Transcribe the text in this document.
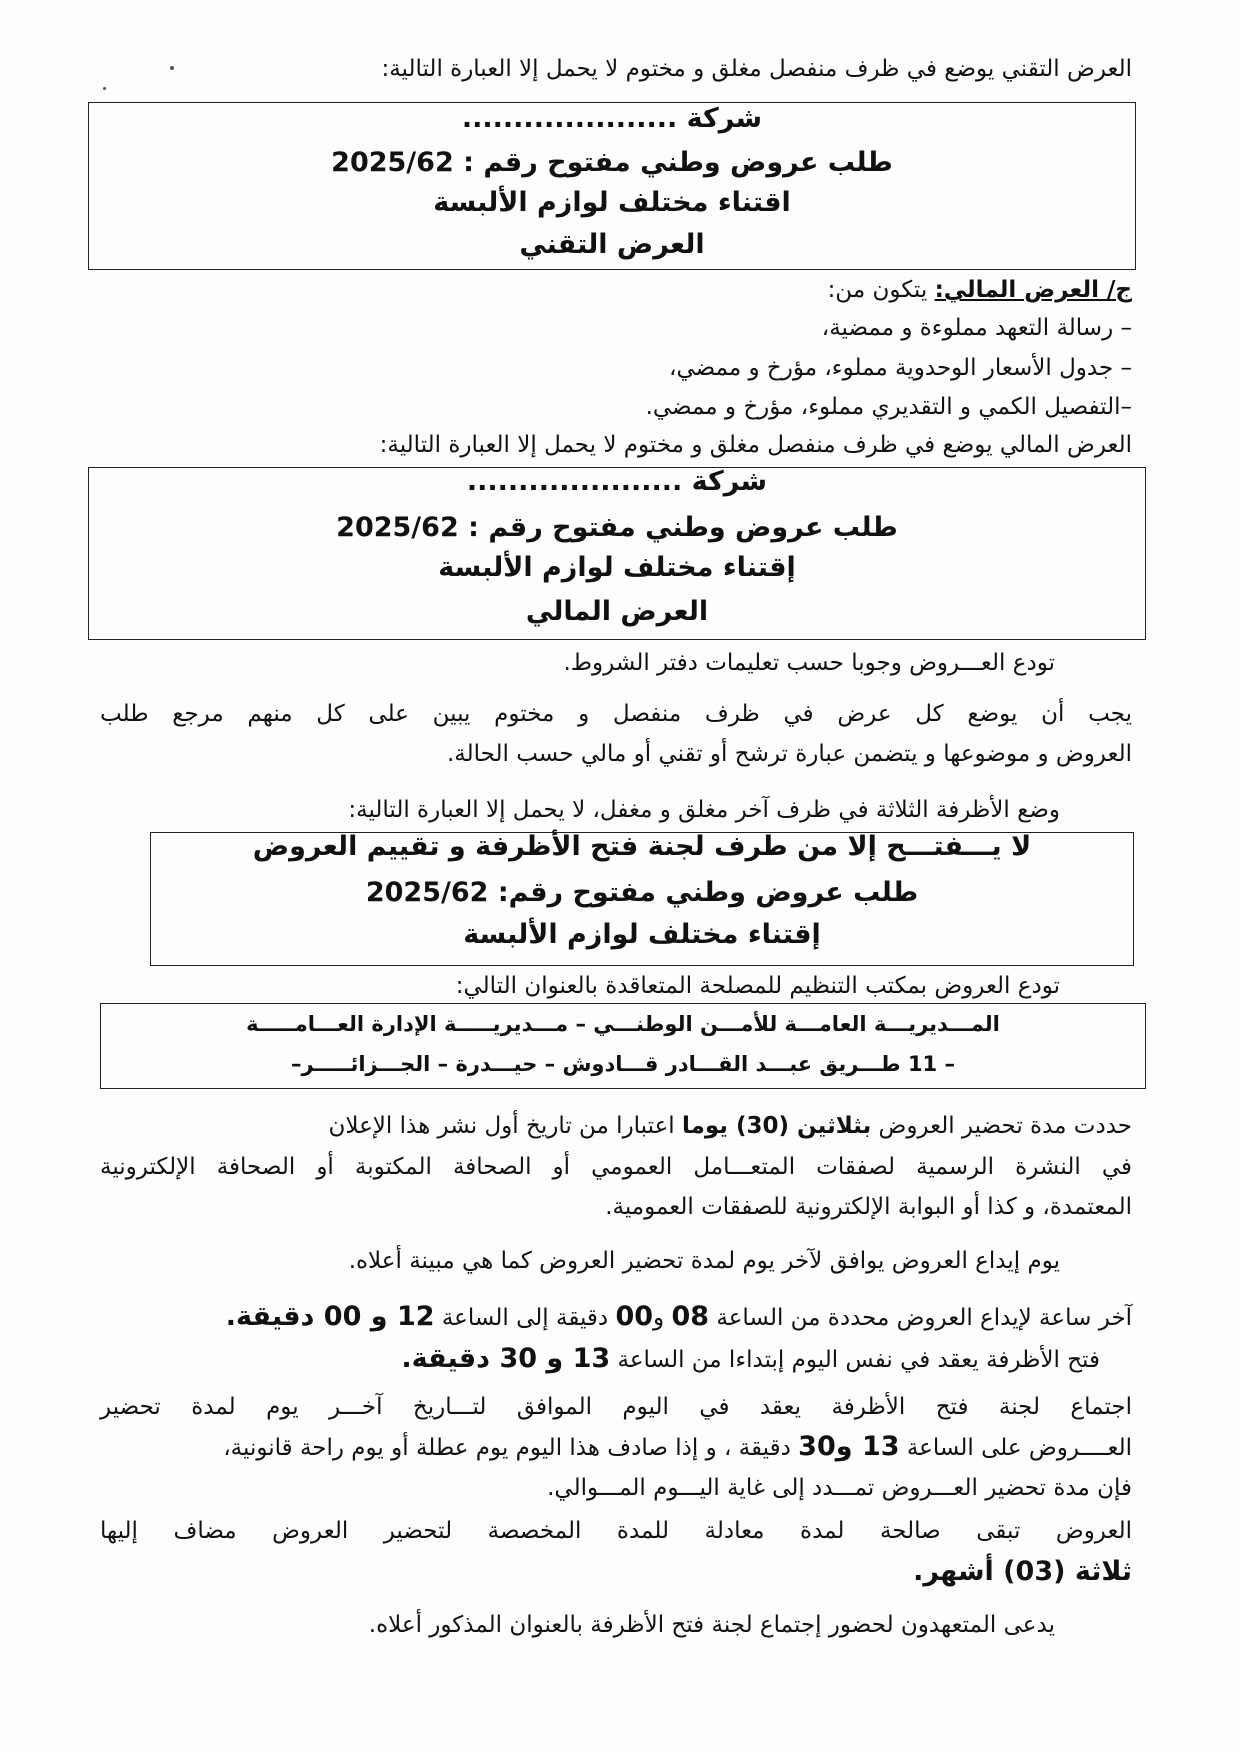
العرض التقني يوضع في ظرف منفصل مغلق و مختوم لا يحمل إلا العبارة التالية:
شركة .....................
طلب عروض وطني مفتوح رقم : 2025/62
اقتناء مختلف لوازم الألبسة
العرض التقني
ج/ العرض المالي: يتكون من:
– رسالة التعهد مملوءة و ممضية،
– جدول الأسعار الوحدوية مملوء، مؤرخ و ممضي،
–التفصيل الكمي و التقديري مملوء، مؤرخ و ممضي.
العرض المالي يوضع في ظرف منفصل مغلق و مختوم لا يحمل إلا العبارة التالية:
شركة .....................
طلب عروض وطني مفتوح رقم : 2025/62
إقتناء مختلف لوازم الألبسة
العرض المالي
تودع العـــروض وجوبا حسب تعليمات دفتر الشروط.
يجب أن يوضع كل عرض في ظرف منفصل و مختوم يبين على كل منهم مرجع طلب
العروض و موضوعها و يتضمن عبارة ترشح أو تقني أو مالي حسب الحالة.
وضع الأظرفة الثلاثة في ظرف آخر مغلق و مغفل، لا يحمل إلا العبارة التالية:
لا يـــفتـــح إلا من طرف لجنة فتح الأظرفة و تقييم العروض
طلب عروض وطني مفتوح رقم: 2025/62
إقتناء مختلف لوازم الألبسة
تودع العروض بمكتب التنظيم للمصلحة المتعاقدة بالعنوان التالي:
المـــديريـــة العامـــة للأمـــن الوطنـــي – مـــديريـــــة الإدارة العـــامـــــة
– 11 طـــريق عبـــد القـــادر قـــادوش – حيـــدرة – الجـــزائـــــر–
حددت مدة تحضير العروض بثلاثين (30) يوما اعتبارا من تاريخ أول نشر هذا الإعلان
في النشرة الرسمية لصفقات المتعـــامل العمومي أو الصحافة المكتوبة أو الصحافة الإلكترونية
المعتمدة، و كذا أو البوابة الإلكترونية للصفقات العمومية.
يوم إيداع العروض يوافق لآخر يوم لمدة تحضير العروض كما هي مبينة أعلاه.
آخر ساعة لإيداع العروض محددة من الساعة 08 و00 دقيقة إلى الساعة 12 و 00 دقيقة.
فتح الأظرفة يعقد في نفس اليوم إبتداءا من الساعة 13 و 30 دقيقة.
اجتماع لجنة فتح الأظرفة يعقد في اليوم الموافق لتـــاريخ آخـــر يوم لمدة تحضير
العــــروض على الساعة 13 و30 دقيقة ، و إذا صادف هذا اليوم يوم عطلة أو يوم راحة قانونية،
فإن مدة تحضير العـــروض تمـــدد إلى غاية اليـــوم المـــوالي.
العروض تبقى صالحة لمدة معادلة للمدة المخصصة لتحضير العروض مضاف إليها
ثلاثة (03) أشهر.
يدعى المتعهدون لحضور إجتماع لجنة فتح الأظرفة بالعنوان المذكور أعلاه.
